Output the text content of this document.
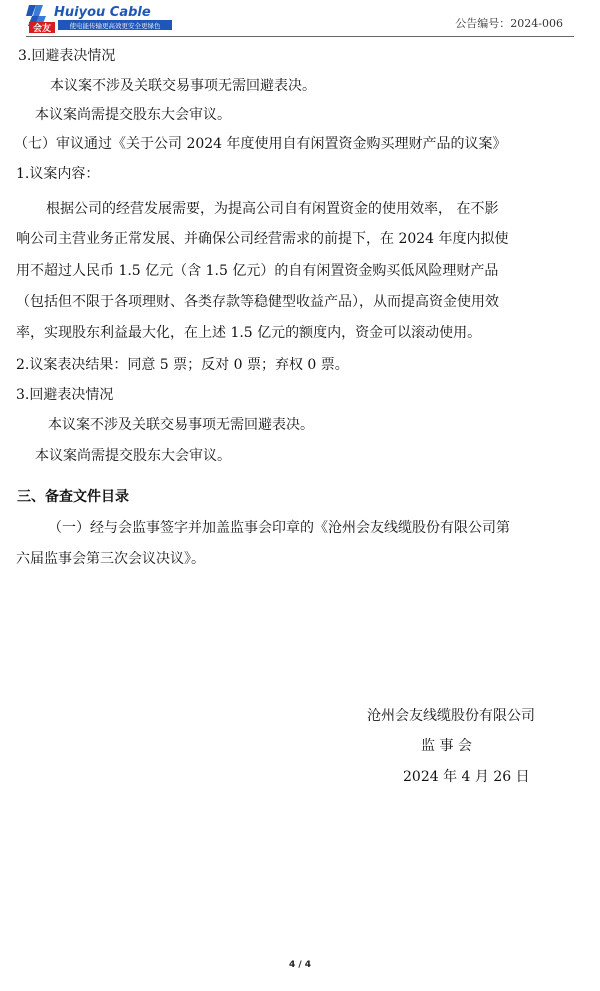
Huiyou Cable
会友	使电能传输更高效更安全更绿色	公告编号：2024-006
3.回避表决情况
本议案不涉及关联交易事项无需回避表决。
本议案尚需提交股东大会审议。
（七）审议通过《关于公司 2024 年度使用自有闲置资金购买理财产品的议案》
1.议案内容：
根据公司的经营发展需要，为提高公司自有闲置资金的使用效率， 在不影
响公司主营业务正常发展、并确保公司经营需求的前提下，在 2024 年度内拟使
用不超过人民币 1.5 亿元（含 1.5 亿元）的自有闲置资金购买低风险理财产品
（包括但不限于各项理财、各类存款等稳健型收益产品），从而提高资金使用效
率，实现股东利益最大化，在上述 1.5 亿元的额度内，资金可以滚动使用。
2.议案表决结果：同意 5 票；反对 0 票；弃权 0 票。
3.回避表决情况
本议案不涉及关联交易事项无需回避表决。
本议案尚需提交股东大会审议。
三、备查文件目录
（一）经与会监事签字并加盖监事会印章的《沧州会友线缆股份有限公司第
六届监事会第三次会议决议》。
沧州会友线缆股份有限公司
监 事 会
2024 年 4 月 26 日
4 / 4
